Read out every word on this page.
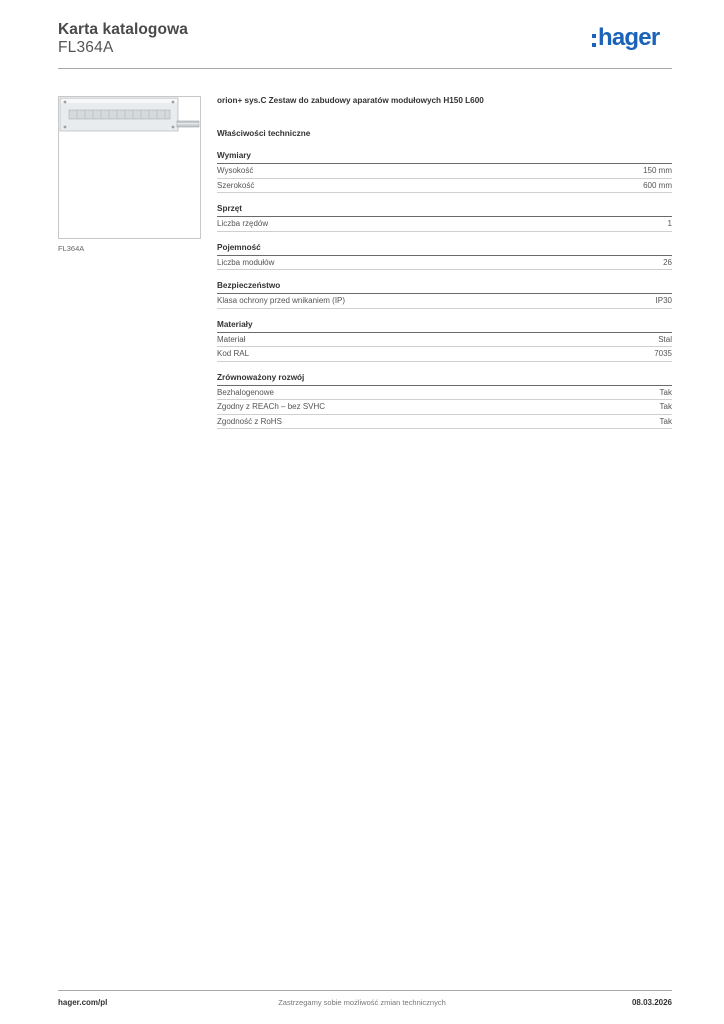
Karta katalogowa
FL364A	hager
FL364A
orion+ sys.C Zestaw do zabudowy aparatów modułowych H150 L600
Właściwości techniczne
Wymiary
Wysokość	150 mm
Szerokość	600 mm
Sprzęt
Liczba rzędów	1
Pojemność
Liczba modułów	26
Bezpieczeństwo
Klasa ochrony przed wnikaniem (IP)	IP30
Materiały
Materiał	Stal
Kod RAL	7035
Zrównoważony rozwój
Bezhalogenowe	Tak
Zgodny z REACh – bez SVHC	Tak
Zgodność z RoHS	Tak
hager.com/pl	Zastrzegamy sobie możliwość zmian technicznych	08.03.2026
